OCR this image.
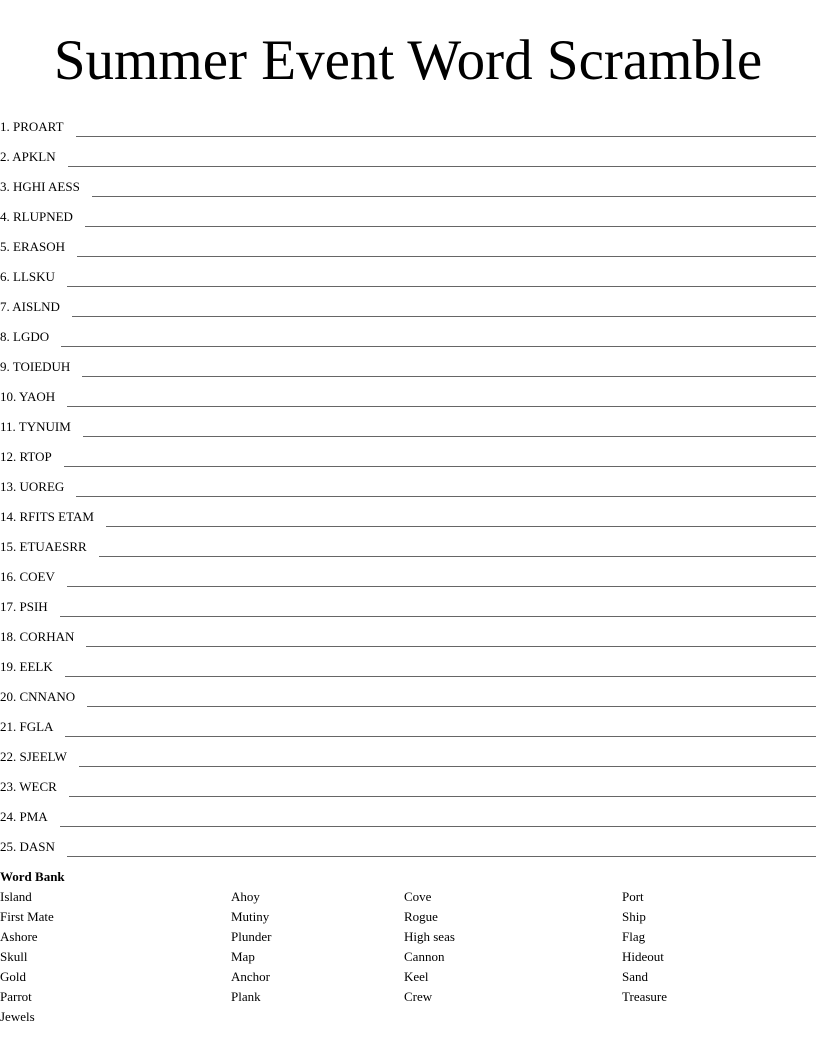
Summer Event Word Scramble
1. PROART
2. APKLN
3. HGHI AESS
4. RLUPNED
5. ERASOH
6. LLSKU
7. AISLND
8. LGDO
9. TOIEDUH
10. YAOH
11. TYNUIM
12. RTOP
13. UOREG
14. RFITS ETAM
15. ETUAESRR
16. COEV
17. PSIH
18. CORHAN
19. EELK
20. CNNANO
21. FGLA
22. SJEELW
23. WECR
24. PMA
25. DASN
Word Bank
Island
First Mate
Ashore
Skull
Gold
Parrot
Jewels
Ahoy
Mutiny
Plunder
Map
Anchor
Plank
Cove
Rogue
High seas
Cannon
Keel
Crew
Port
Ship
Flag
Hideout
Sand
Treasure
